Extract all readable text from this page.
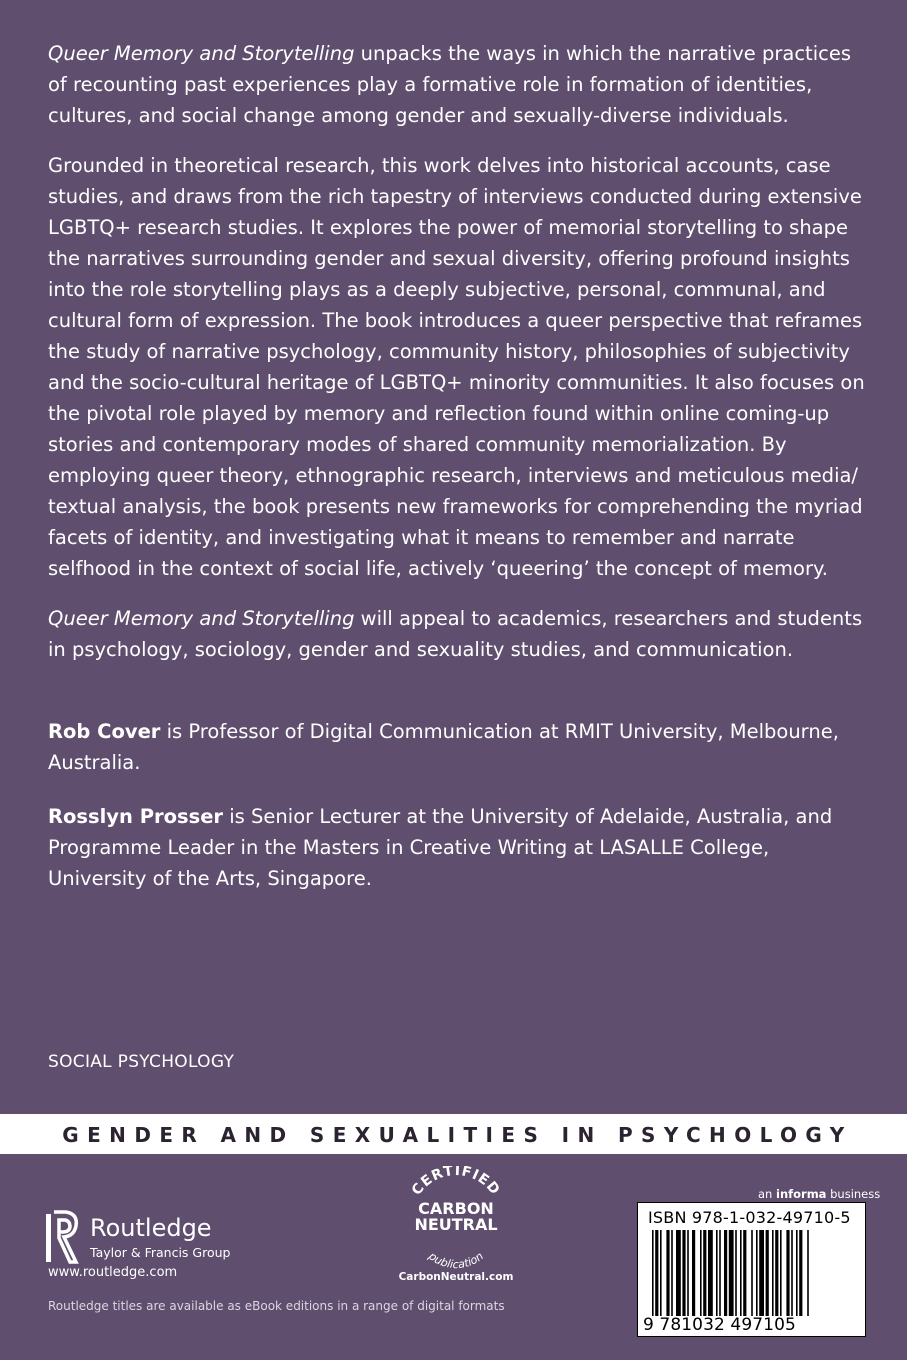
Queer Memory and Storytelling unpacks the ways in which the narrative practices of recounting past experiences play a formative role in formation of identities, cultures, and social change among gender and sexually-diverse individuals.

Grounded in theoretical research, this work delves into historical accounts, case studies, and draws from the rich tapestry of interviews conducted during extensive LGBTQ+ research studies. It explores the power of memorial storytelling to shape the narratives surrounding gender and sexual diversity, offering profound insights into the role storytelling plays as a deeply subjective, personal, communal, and cultural form of expression. The book introduces a queer perspective that reframes the study of narrative psychology, community history, philosophies of subjectivity and the socio-cultural heritage of LGBTQ+ minority communities. It also focuses on the pivotal role played by memory and reflection found within online coming-up stories and contemporary modes of shared community memorialization. By employing queer theory, ethnographic research, interviews and meticulous media/ textual analysis, the book presents new frameworks for comprehending the myriad facets of identity, and investigating what it means to remember and narrate selfhood in the context of social life, actively ‘queering’ the concept of memory.

Queer Memory and Storytelling will appeal to academics, researchers and students in psychology, sociology, gender and sexuality studies, and communication.

Rob Cover is Professor of Digital Communication at RMIT University, Melbourne, Australia.
Rosslyn Prosser is Senior Lecturer at the University of Adelaide, Australia, and Programme Leader in the Masters in Creative Writing at LASALLE College, University of the Arts, Singapore.
SOCIAL PSYCHOLOGY
GENDER AND SEXUALITIES IN PSYCHOLOGY
Routledge
Taylor & Francis Group
www.routledge.com
Routledge titles are available as eBook editions in a range of digital formats
CERTIFIED
CARBON
NEUTRAL
publication
CarbonNeutral.com
an informa business
ISBN 978-1-032-49710-5
9 781032 497105
